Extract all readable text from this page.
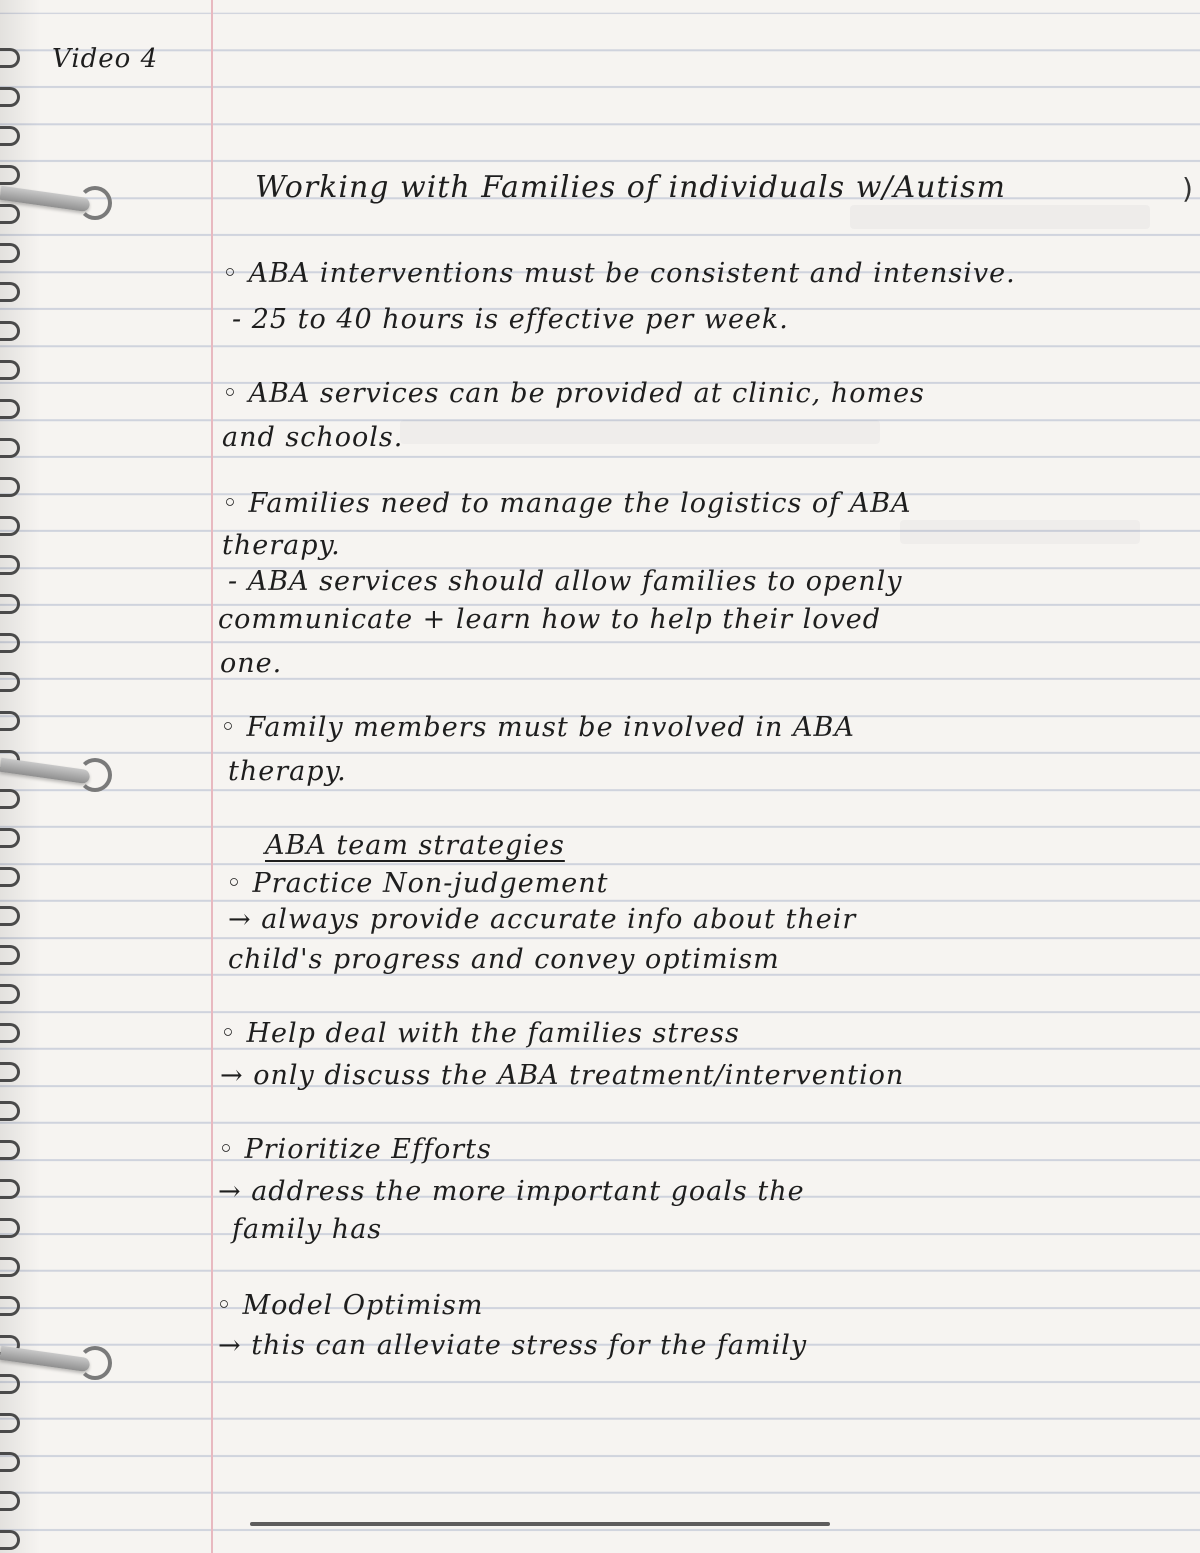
Video 4

Working with Families of individuals w/Autism

◦ ABA interventions must be consistent and intensive.

- 25 to 40 hours is effective per week.

◦ ABA services can be provided at clinic, homes

and schools.

◦ Families need to manage the logistics of ABA

therapy.

- ABA services should allow families to openly

communicate + learn how to help their loved

one.

◦ Family members must be involved in ABA

therapy.

ABA team strategies

◦ Practice Non-judgement

→ always provide accurate info about their

child's progress and convey optimism

◦ Help deal with the families stress

→ only discuss the ABA treatment/intervention

◦ Prioritize Efforts

→ address the more important goals the

family has

◦ Model Optimism

→ this can alleviate stress for the family

)
